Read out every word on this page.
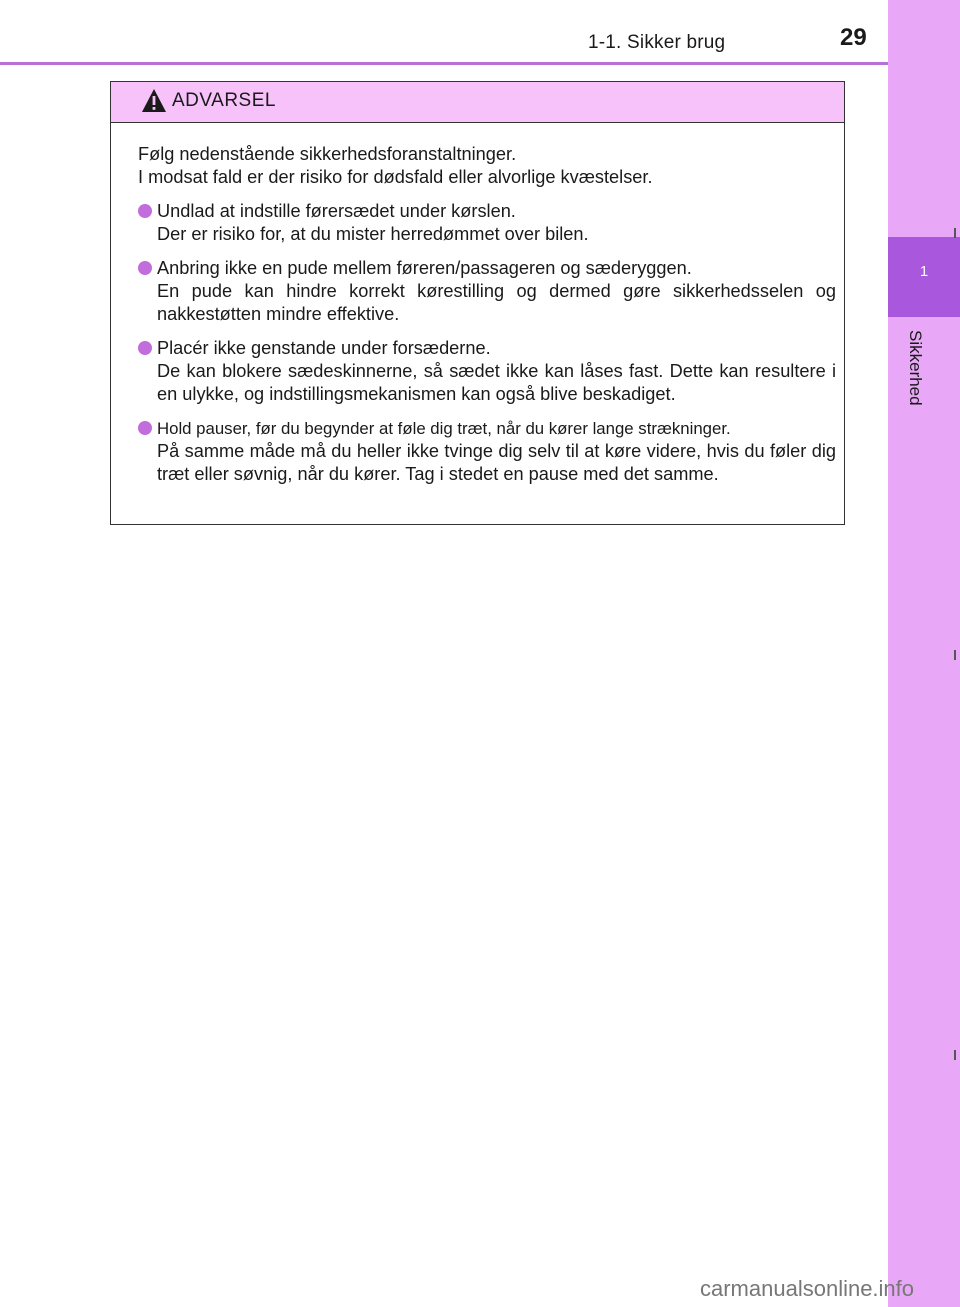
1-1. Sikker brug	29
1
Sikkerhed
ADVARSEL

Følg nedenstående sikkerhedsforanstaltninger.

I modsat fald er der risiko for dødsfald eller alvorlige kvæstelser.

Undlad at indstille førersædet under kørslen.

Der er risiko for, at du mister herredømmet over bilen.

Anbring ikke en pude mellem føreren/passageren og sæderyggen.

En pude kan hindre korrekt kørestilling og dermed gøre sikkerhedsselen og nakkestøtten mindre effektive.

Placér ikke genstande under forsæderne.

De kan blokere sædeskinnerne, så sædet ikke kan låses fast. Dette kan resultere i en ulykke, og indstillingsmekanismen kan også blive beskadiget.

Hold pauser, før du begynder at føle dig træt, når du kører lange strækninger.

På samme måde må du heller ikke tvinge dig selv til at køre videre, hvis du føler dig træt eller søvnig, når du kører. Tag i stedet en pause med det samme.

carmanualsonline.info
